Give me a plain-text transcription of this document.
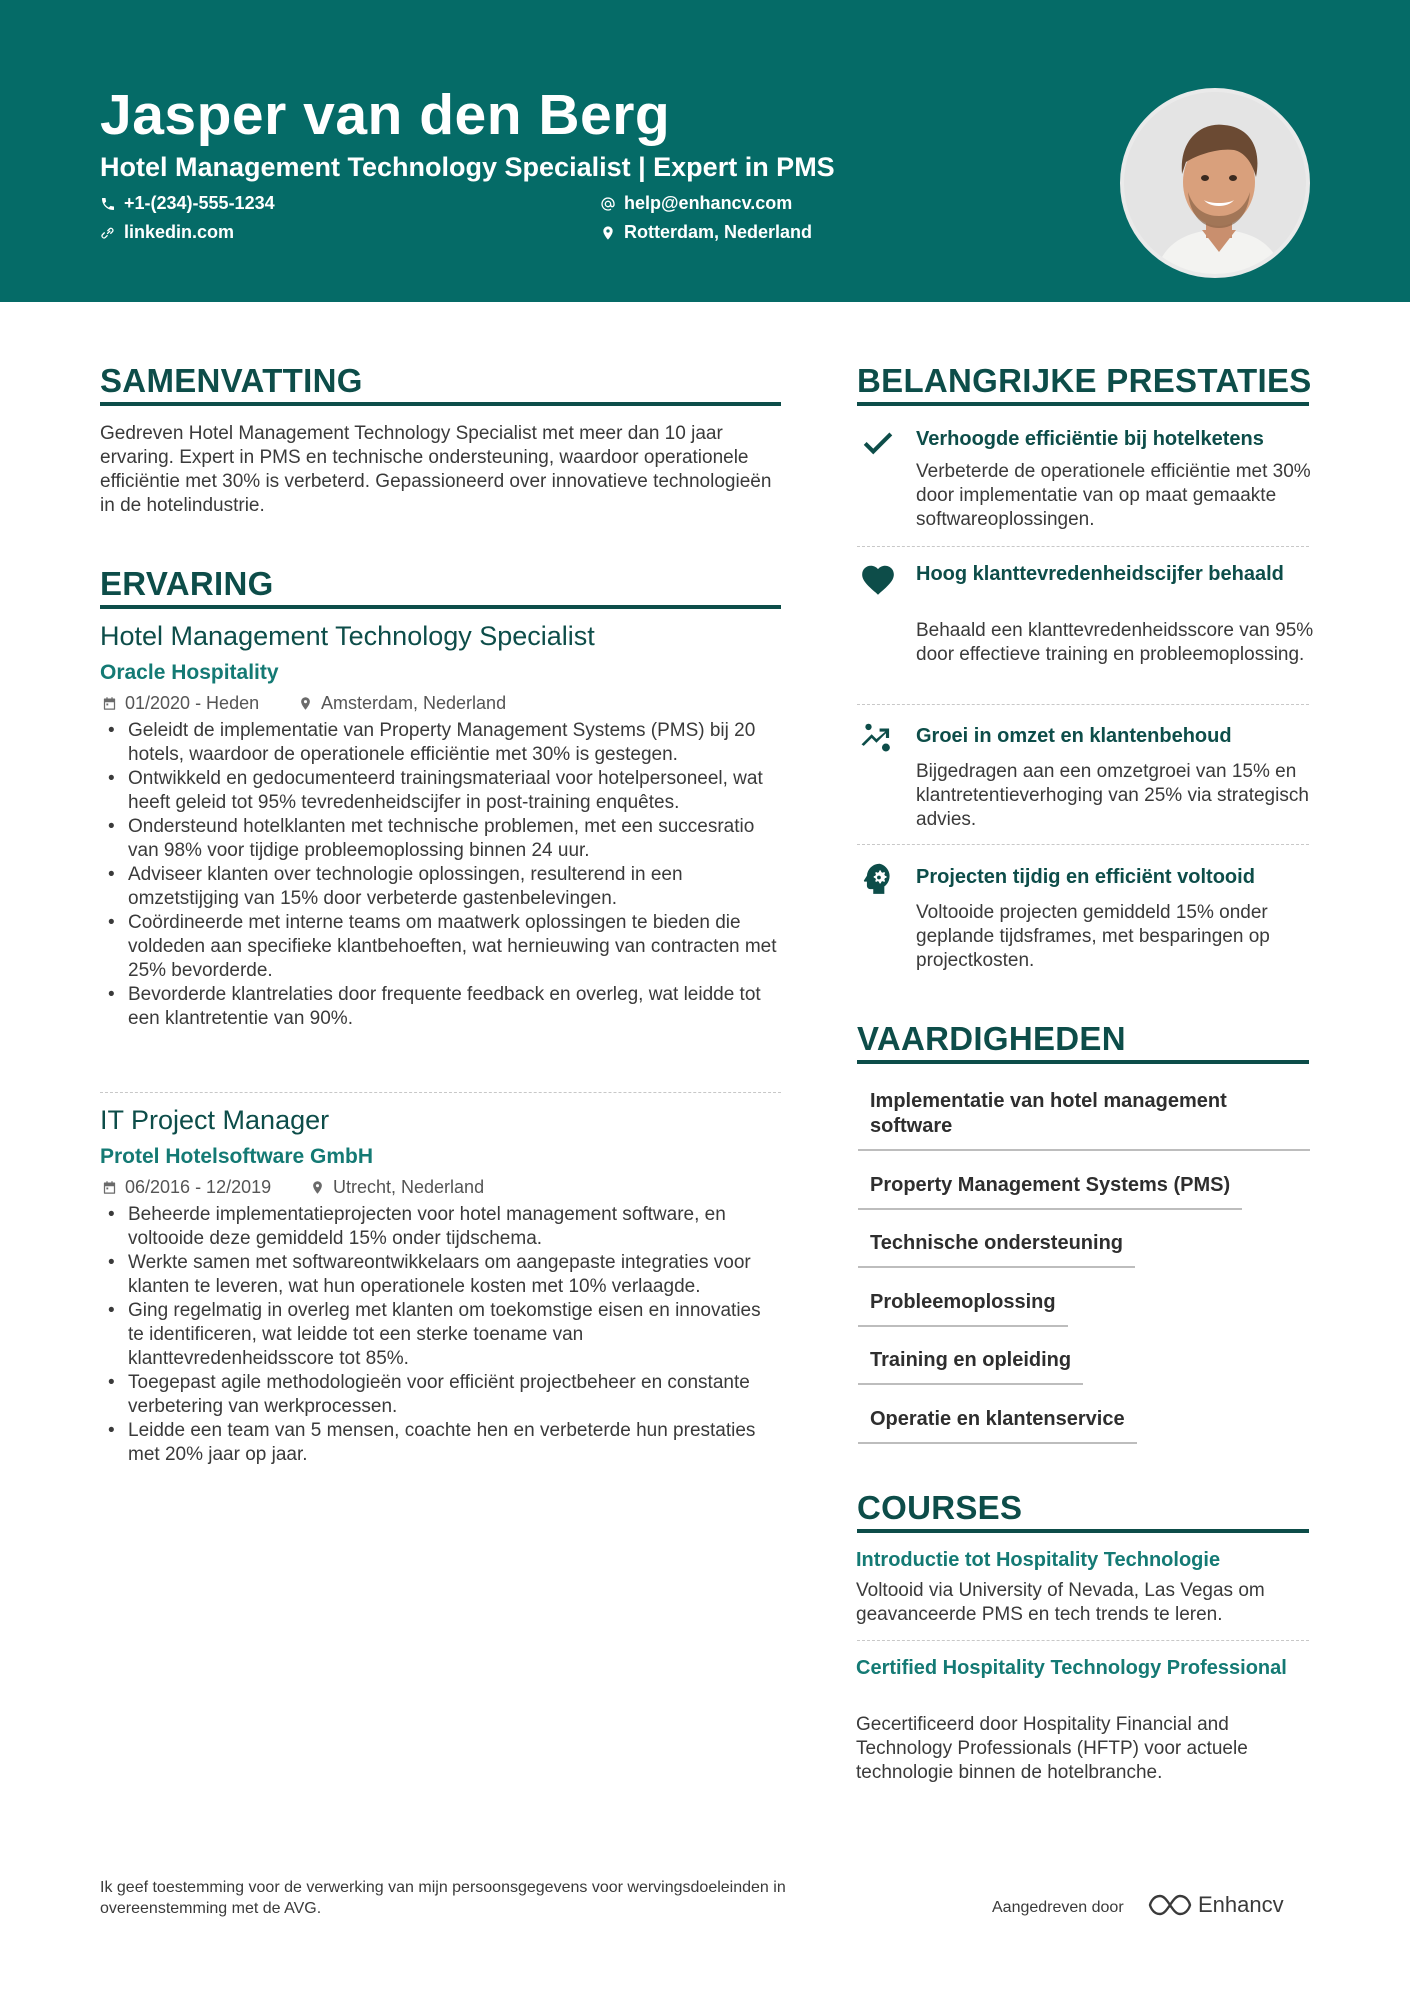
Jasper van den Berg
Hotel Management Technology Specialist | Expert in PMS
+1-(234)-555-1234	help@enhancv.com
linkedin.com	Rotterdam, Nederland
SAMENVATTING
Gedreven Hotel Management Technology Specialist met meer dan 10 jaar ervaring. Expert in PMS en technische ondersteuning, waardoor operationele efficiëntie met 30% is verbeterd. Gepassioneerd over innovatieve technologieën in de hotelindustrie.
ERVARING
Hotel Management Technology Specialist
Oracle Hospitality
01/2020 - Heden	Amsterdam, Nederland
• Geleidt de implementatie van Property Management Systems (PMS) bij 20 hotels, waardoor de operationele efficiëntie met 30% is gestegen.
• Ontwikkeld en gedocumenteerd trainingsmateriaal voor hotelpersoneel, wat heeft geleid tot 95% tevredenheidscijfer in post-training enquêtes.
• Ondersteund hotelklanten met technische problemen, met een succesratio van 98% voor tijdige probleemoplossing binnen 24 uur.
• Adviseer klanten over technologie oplossingen, resulterend in een omzetstijging van 15% door verbeterde gastenbelevingen.
• Coördineerde met interne teams om maatwerk oplossingen te bieden die voldeden aan specifieke klantbehoeften, wat hernieuwing van contracten met 25% bevorderde.
• Bevorderde klantrelaties door frequente feedback en overleg, wat leidde tot een klantretentie van 90%.
IT Project Manager
Protel Hotelsoftware GmbH
06/2016 - 12/2019	Utrecht, Nederland
• Beheerde implementatieprojecten voor hotel management software, en voltooide deze gemiddeld 15% onder tijdschema.
• Werkte samen met softwareontwikkelaars om aangepaste integraties voor klanten te leveren, wat hun operationele kosten met 10% verlaagde.
• Ging regelmatig in overleg met klanten om toekomstige eisen en innovaties te identificeren, wat leidde tot een sterke toename van klanttevredenheidsscore tot 85%.
• Toegepast agile methodologieën voor efficiënt projectbeheer en constante verbetering van werkprocessen.
• Leidde een team van 5 mensen, coachte hen en verbeterde hun prestaties met 20% jaar op jaar.
BELANGRIJKE PRESTATIES
Verhoogde efficiëntie bij hotelketens
Verbeterde de operationele efficiëntie met 30% door implementatie van op maat gemaakte softwareoplossingen.
Hoog klanttevredenheidscijfer behaald
Behaald een klanttevredenheidsscore van 95% door effectieve training en probleemoplossing.
Groei in omzet en klantenbehoud
Bijgedragen aan een omzetgroei van 15% en klantretentieverhoging van 25% via strategisch advies.
Projecten tijdig en efficiënt voltooid
Voltooide projecten gemiddeld 15% onder geplande tijdsframes, met besparingen op projectkosten.
VAARDIGHEDEN
Implementatie van hotel management software
Property Management Systems (PMS)
Technische ondersteuning
Probleemoplossing
Training en opleiding
Operatie en klantenservice
COURSES
Introductie tot Hospitality Technologie
Voltooid via University of Nevada, Las Vegas om geavanceerde PMS en tech trends te leren.
Certified Hospitality Technology Professional
Gecertificeerd door Hospitality Financial and Technology Professionals (HFTP) voor actuele technologie binnen de hotelbranche.
Ik geef toestemming voor de verwerking van mijn persoonsgegevens voor wervingsdoeleinden in overeenstemming met de AVG.	Aangedreven door	Enhancv
